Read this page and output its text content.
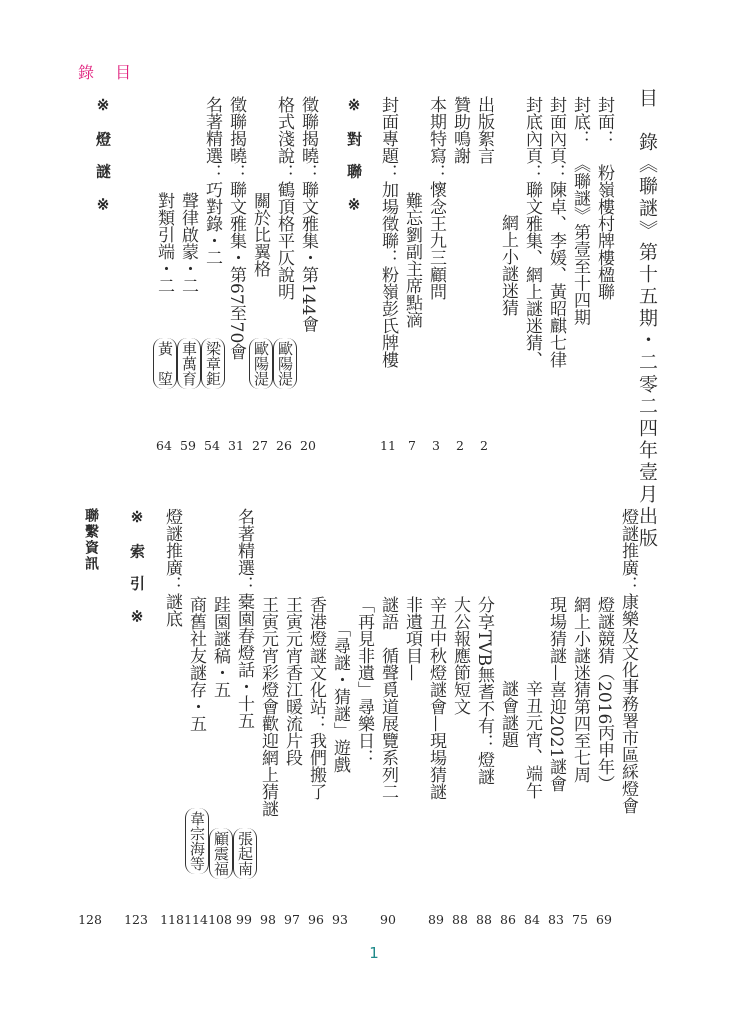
錄 目
目　錄《聯謎》第十五期・二零二四年壹月出版
封面：　粉嶺樓村牌樓楹聯
封底：　《聯謎》第壹至十四期
封面內頁：陳卓、李媛、黃昭麒七律
封底內頁：聯文雅集、網上謎迷猜、
網上小謎迷猜
出版絮言
贊助鳴謝
本期特寫：懷念王九三顧問
難忘劉副主席點滴
封面專題：加場徵聯：粉嶺彭氏牌樓
※ 對 聯 ※
徵聯揭曉：聯文雅集・第144會
格式淺說：鶴頂格平仄說明
關於比翼格
徵聯揭曉：聯文雅集・第67至70會
名著精選：巧對錄・二
聲律啟蒙・二
對類引端・二
※ 燈 謎 ※
歐陽湜
歐陽湜
梁章鉅
車萬育
黃　埅
2
2
3
7
11
20
26
27
31
54
59
64
燈謎推廣：康樂及文化事務署市區綵燈會
燈謎競猜（2016丙申年）
網上小謎迷猜第四至七周
現場猜謎—喜迎2021謎會
辛丑元宵、端午
謎會謎題
分享TVB無耆不有：燈謎
大公報應節短文
辛丑中秋燈謎會—現場猜謎
非遺項目—
謎語　循聲覓道展覽系列二
「再見非遺」尋樂日：
「尋謎・猜謎」遊戲
香港燈謎文化站：我們搬了
王寅元宵香江暖流片段
王寅元宵彩燈會歡迎網上猜謎
名著精選：橐園春燈話・十五
跬園謎稿・五
商舊社友謎存・五
燈謎推廣：謎底
※ 索 引 ※
聯繫資訊
張起南
顧震福
韋宗海等
69
75
83
84
86
88
88
89
90
93
96
97
98
99
108
114
118
123
128
1
